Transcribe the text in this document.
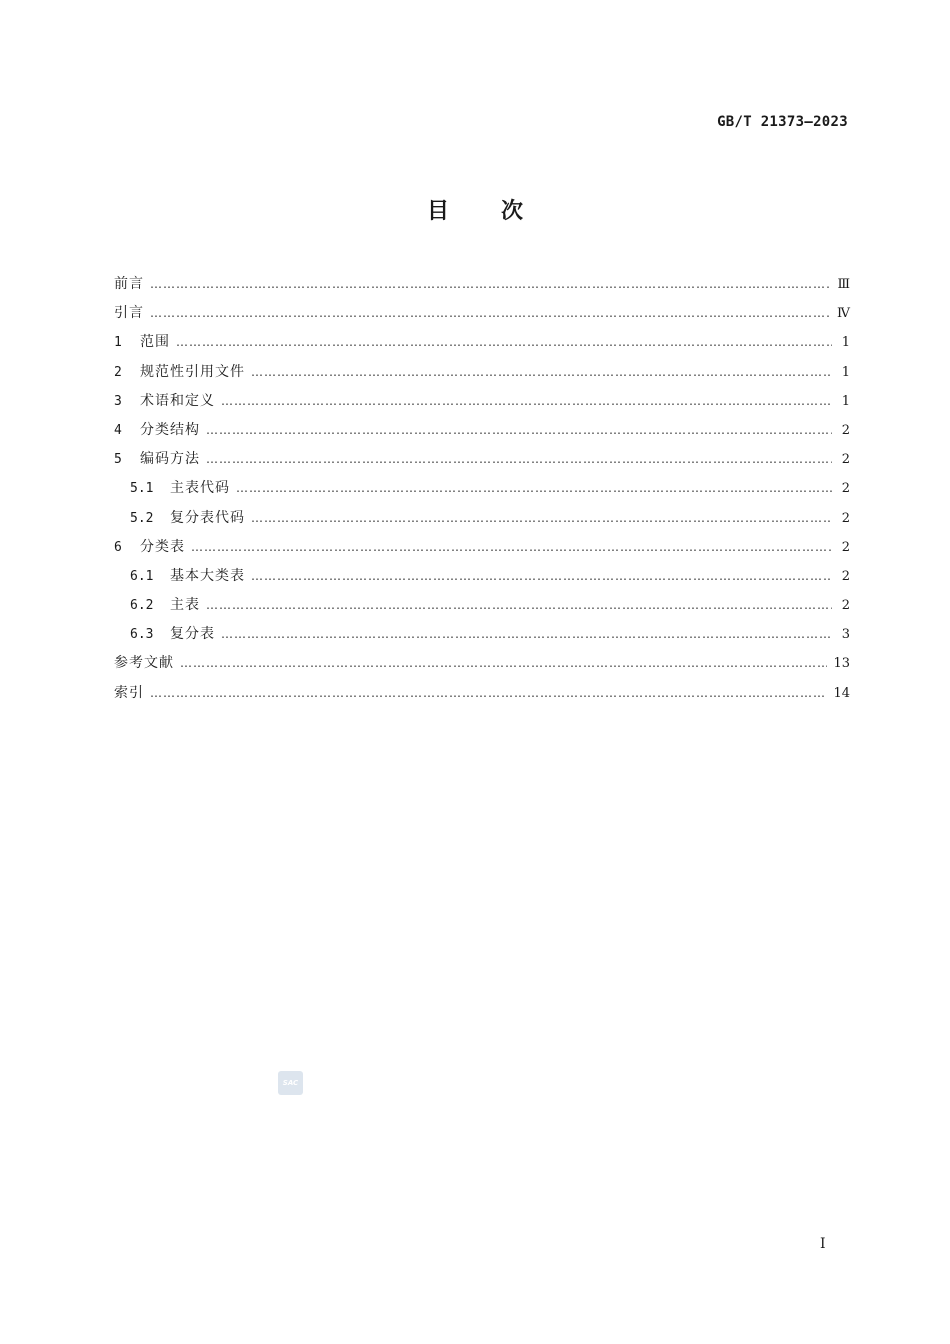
GB/T 21373—2023
目 次
前言 …………………………………………………………………………………………………………………………………………………………………………………………………………………………………………	Ⅲ
引言 …………………………………………………………………………………………………………………………………………………………………………………………………………………………………………	Ⅳ
1	范围 …………………………………………………………………………………………………………………………………………………………………………………………………………………………………………	1
2	规范性引用文件 …………………………………………………………………………………………………………………………………………………………………………………………………………………………………………	1
3	术语和定义 …………………………………………………………………………………………………………………………………………………………………………………………………………………………………………	1
4	分类结构 …………………………………………………………………………………………………………………………………………………………………………………………………………………………………………	2
5	编码方法 …………………………………………………………………………………………………………………………………………………………………………………………………………………………………………	2
5.1	主表代码 …………………………………………………………………………………………………………………………………………………………………………………………………………………………………………	2
5.2	复分表代码 …………………………………………………………………………………………………………………………………………………………………………………………………………………………………………	2
6	分类表 …………………………………………………………………………………………………………………………………………………………………………………………………………………………………………	2
6.1	基本大类表 …………………………………………………………………………………………………………………………………………………………………………………………………………………………………………	2
6.2	主表 …………………………………………………………………………………………………………………………………………………………………………………………………………………………………………	2
6.3	复分表 …………………………………………………………………………………………………………………………………………………………………………………………………………………………………………	3
参考文献 …………………………………………………………………………………………………………………………………………………………………………………………………………………………………………	13
索引 …………………………………………………………………………………………………………………………………………………………………………………………………………………………………………	14
SAC
Ⅰ
